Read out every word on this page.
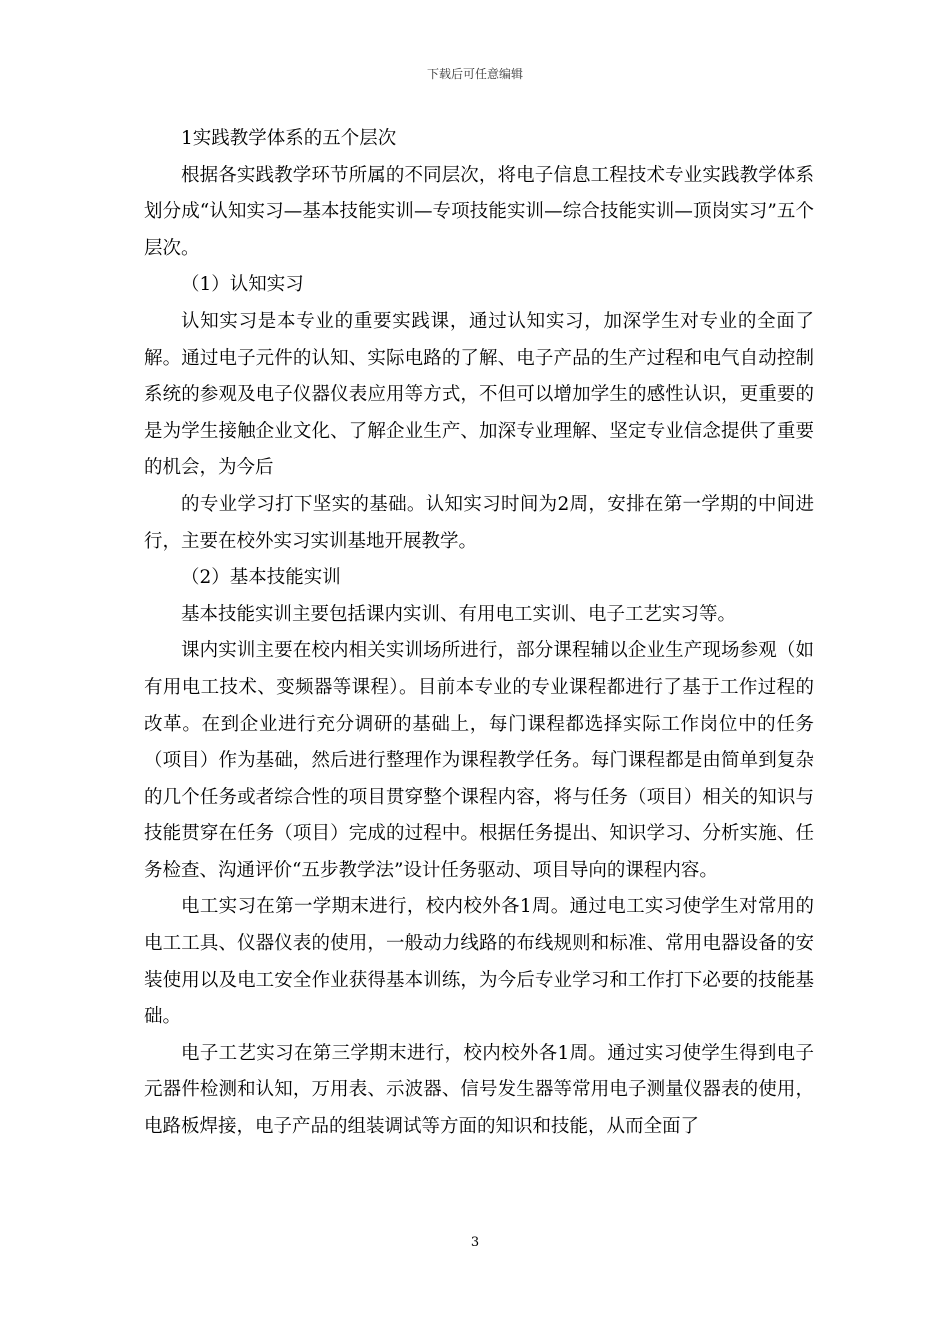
下载后可任意编辑

1实践教学体系的五个层次

根据各实践教学环节所属的不同层次，将电子信息工程技术专业实践教学体系划分成“认知实习—基本技能实训—专项技能实训—综合技能实训—顶岗实习”五个层次。

（1）认知实习

认知实习是本专业的重要实践课，通过认知实习，加深学生对专业的全面了解。通过电子元件的认知、实际电路的了解、电子产品的生产过程和电气自动控制系统的参观及电子仪器仪表应用等方式，不但可以增加学生的感性认识，更重要的是为学生接触企业文化、了解企业生产、加深专业理解、坚定专业信念提供了重要的机会，为今后

的专业学习打下坚实的基础。认知实习时间为2周，安排在第一学期的中间进行，主要在校外实习实训基地开展教学。

（2）基本技能实训

基本技能实训主要包括课内实训、有用电工实训、电子工艺实习等。

课内实训主要在校内相关实训场所进行，部分课程辅以企业生产现场参观（如有用电工技术、变频器等课程）。目前本专业的专业课程都进行了基于工作过程的改革。在到企业进行充分调研的基础上，每门课程都选择实际工作岗位中的任务（项目）作为基础，然后进行整理作为课程教学任务。每门课程都是由简单到复杂的几个任务或者综合性的项目贯穿整个课程内容，将与任务（项目）相关的知识与技能贯穿在任务（项目）完成的过程中。根据任务提出、知识学习、分析实施、任务检查、沟通评价“五步教学法”设计任务驱动、项目导向的课程内容。

电工实习在第一学期末进行，校内校外各1周。通过电工实习使学生对常用的电工工具、仪器仪表的使用，一般动力线路的布线规则和标准、常用电器设备的安装使用以及电工安全作业获得基本训练，为今后专业学习和工作打下必要的技能基础。

电子工艺实习在第三学期末进行，校内校外各1周。通过实习使学生得到电子元器件检测和认知，万用表、示波器、信号发生器等常用电子测量仪器表的使用，电路板焊接，电子产品的组装调试等方面的知识和技能，从而全面了

3
